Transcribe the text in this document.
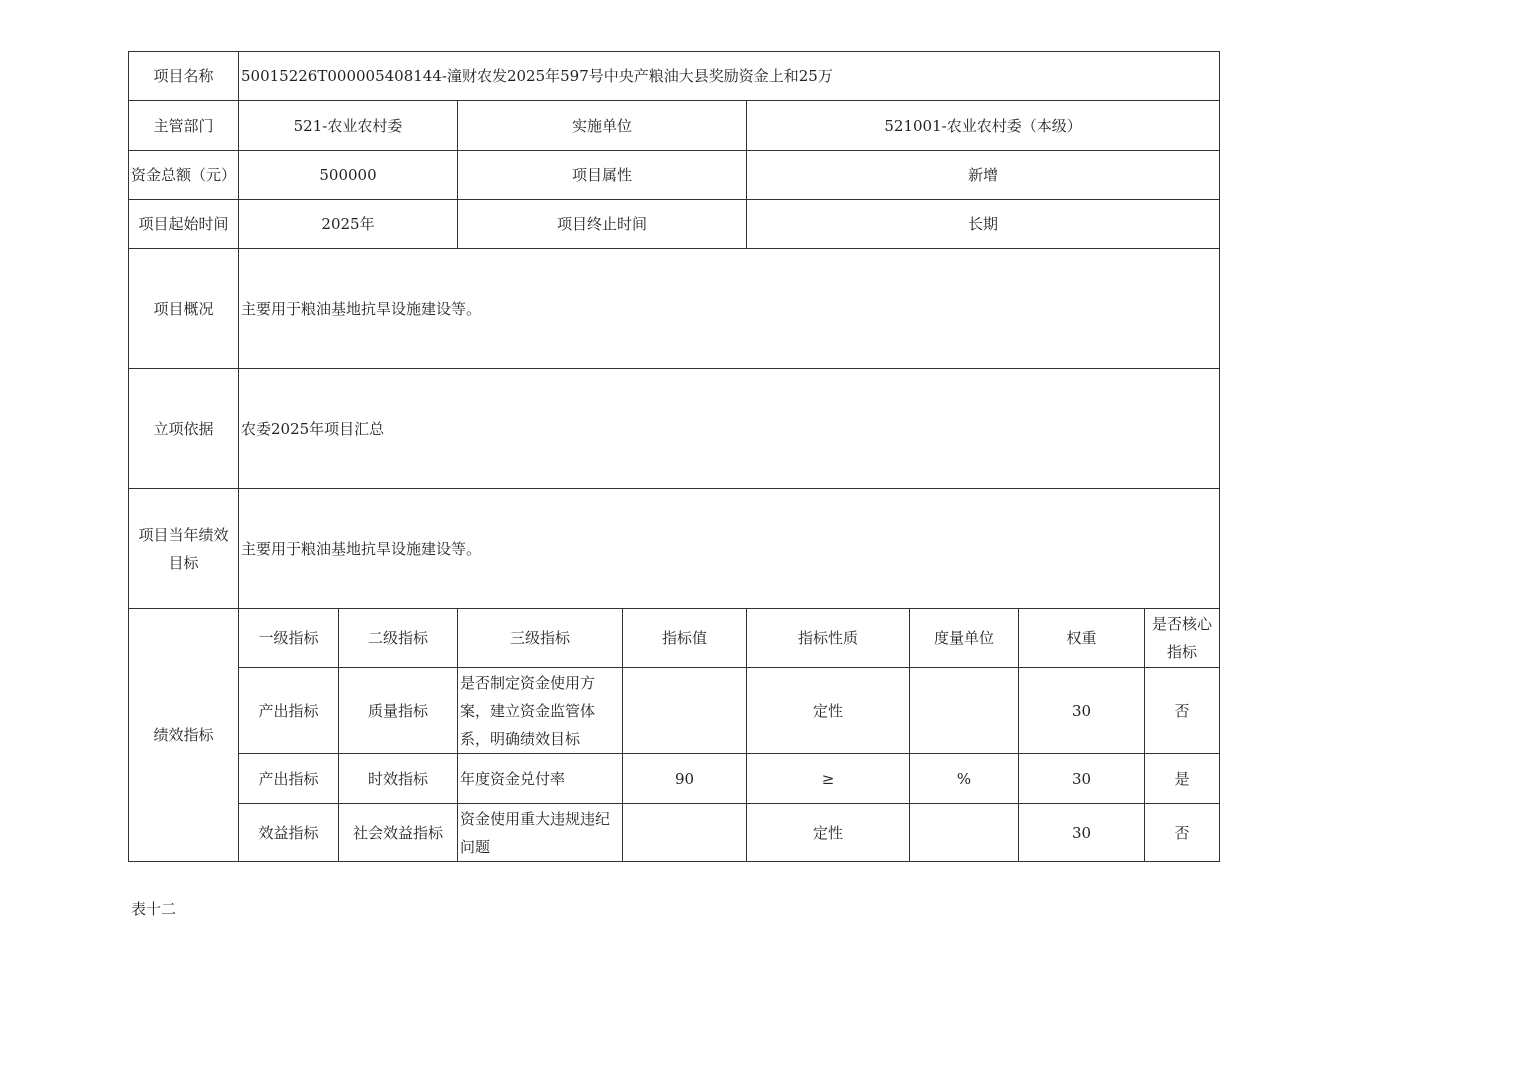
项目名称	50015226T000005408144-潼财农发2025年597号中央产粮油大县奖励资金上和25万							
主管部门	521-农业农村委		实施单位		521001-农业农村委（本级）			
资金总额（元）	500000		项目属性		新增			
项目起始时间	2025年		项目终止时间		长期			
项目概况	主要用于粮油基地抗旱设施建设等。							
立项依据	农委2025年项目汇总							
项目当年绩效目标	主要用于粮油基地抗旱设施建设等。							
绩效指标	一级指标	二级指标	三级指标	指标值	指标性质	度量单位	权重	是否核心指标
	产出指标	质量指标	是否制定资金使用方案，建立资金监管体系，明确绩效目标		定性		30	否
	产出指标	时效指标	年度资金兑付率	90	≥	%	30	是
	效益指标	社会效益指标	资金使用重大违规违纪问题		定性		30	否
表十二
